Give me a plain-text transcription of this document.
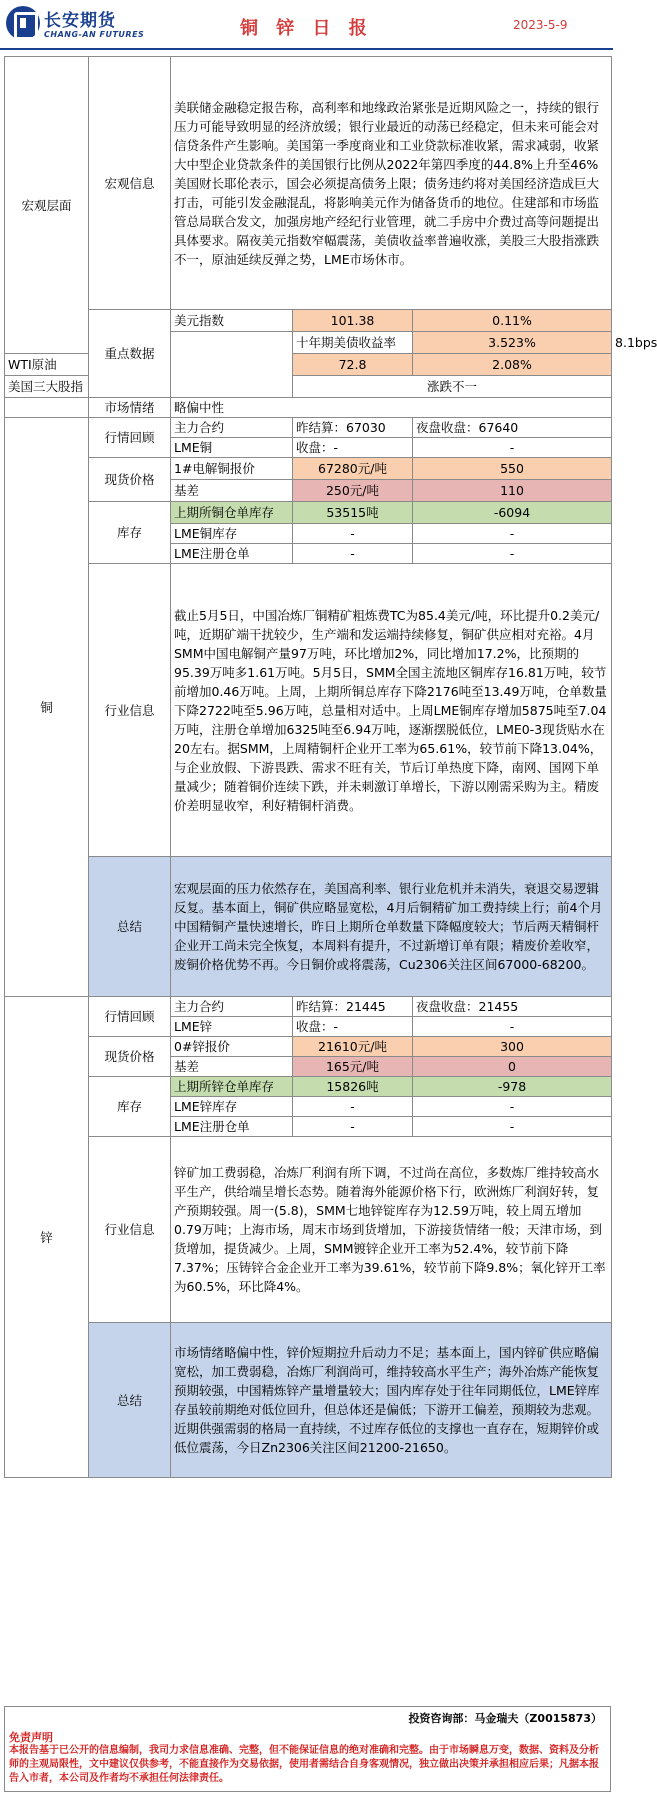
长安期货
CHANG-AN FUTURES	铜 锌 日 报	2023-5-9
宏观层面	宏观信息	美联储金融稳定报告称，高利率和地缘政治紧张是近期风险之一，持续的银行压力可能导致明显的经济放缓；银行业最近的动荡已经稳定，但未来可能会对信贷条件产生影响。美国第一季度商业和工业贷款标准收紧，需求减弱，收紧大中型企业贷款条件的美国银行比例从2022年第四季度的44.8%上升至46%美国财长耶伦表示，国会必须提高债务上限；债务违约将对美国经济造成巨大打击，可能引发金融混乱，将影响美元作为储备货币的地位。住建部和市场监管总局联合发文，加强房地产经纪行业管理，就二手房中介费过高等问题提出具体要求。隔夜美元指数窄幅震荡，美债收益率普遍收涨，美股三大股指涨跌不一，原油延续反弹之势，LME市场休市。			
	重点数据	美元指数	101.38	0.11%	
			十年期美债收益率	3.523%	8.1bps
WTI原油			72.8	2.08%	
美国三大股指			涨跌不一		
	市场情绪	略偏中性			
铜	行情回顾	主力合约	昨结算：67030	夜盘收盘：67640	
		LME铜	收盘：-	-	
	现货价格	1#电解铜报价	67280元/吨	550	
		基差	250元/吨	110	
	库存	上期所铜仓单库存	53515吨	-6094	
		LME铜库存	-	-	
		LME注册仓单	-	-	
	行业信息	截止5月5日，中国冶炼厂铜精矿粗炼费TC为85.4美元/吨，环比提升0.2美元/吨，近期矿端干扰较少，生产端和发运端持续修复，铜矿供应相对充裕。4月SMM中国电解铜产量97万吨，环比增加2%，同比增加17.2%，比预期的95.39万吨多1.61万吨。5月5日，SMM全国主流地区铜库存16.81万吨，较节前增加0.46万吨。上周，上期所铜总库存下降2176吨至13.49万吨，仓单数量下降2722吨至5.96万吨，总量相对适中。上周LME铜库存增加5875吨至7.04万吨，注册仓单增加6325吨至6.94万吨，逐渐摆脱低位，LME0-3现货贴水在20左右。据SMM，上周精铜杆企业开工率为65.61%，较节前下降13.04%，与企业放假、下游畏跌、需求不旺有关，节后订单热度下降，南网、国网下单量减少；随着铜价连续下跌，并未刺激订单增长，下游以刚需采购为主。精废价差明显收窄，利好精铜杆消费。			
	总结	宏观层面的压力依然存在，美国高利率、银行业危机并未消失，衰退交易逻辑反复。基本面上，铜矿供应略显宽松，4月后铜精矿加工费持续上行；前4个月中国精铜产量快速增长，昨日上期所仓单数量下降幅度较大；节后两天精铜杆企业开工尚未完全恢复，本周料有提升，不过新增订单有限；精废价差收窄，废铜价格优势不再。今日铜价或将震荡，Cu2306关注区间67000-68200。			
锌	行情回顾	主力合约	昨结算：21445	夜盘收盘：21455	
		LME锌	收盘：-	-	
	现货价格	0#锌报价	21610元/吨	300	
		基差	165元/吨	0	
	库存	上期所锌仓单库存	15826吨	-978	
		LME锌库存	-	-	
		LME注册仓单	-	-	
	行业信息	锌矿加工费弱稳，冶炼厂利润有所下调，不过尚在高位，多数炼厂维持较高水平生产，供给端呈增长态势。随着海外能源价格下行，欧洲炼厂利润好转，复产预期较强。周一(5.8)，SMM七地锌锭库存为12.59万吨，较上周五增加0.79万吨；上海市场，周末市场到货增加，下游接货情绪一般；天津市场，到货增加，提货减少。上周，SMM镀锌企业开工率为52.4%，较节前下降7.37%；压铸锌合金企业开工率为39.61%，较节前下降9.8%；氧化锌开工率为60.5%，环比降4%。			
	总结	市场情绪略偏中性，锌价短期拉升后动力不足；基本面上，国内锌矿供应略偏宽松，加工费弱稳，冶炼厂利润尚可，维持较高水平生产；海外冶炼产能恢复预期较强，中国精炼锌产量增量较大；国内库存处于往年同期低位，LME锌库存虽较前期绝对低位回升，但总体还是偏低；下游开工偏差，预期较为悲观。近期供强需弱的格局一直持续，不过库存低位的支撑也一直存在，短期锌价或低位震荡，今日Zn2306关注区间21200-21650。			
投资咨询部：马金瑞夫（Z0015873）
免责声明
本报告基于已公开的信息编制，我司力求信息准确、完整，但不能保证信息的绝对准确和完整。由于市场瞬息万变，数据、资料及分析师的主观局限性，文中建议仅供参考，不能直接作为交易依据，使用者需结合自身客观情况，独立做出决策并承担相应后果；凡据本报告入市者，本公司及作者均不承担任何法律责任。
